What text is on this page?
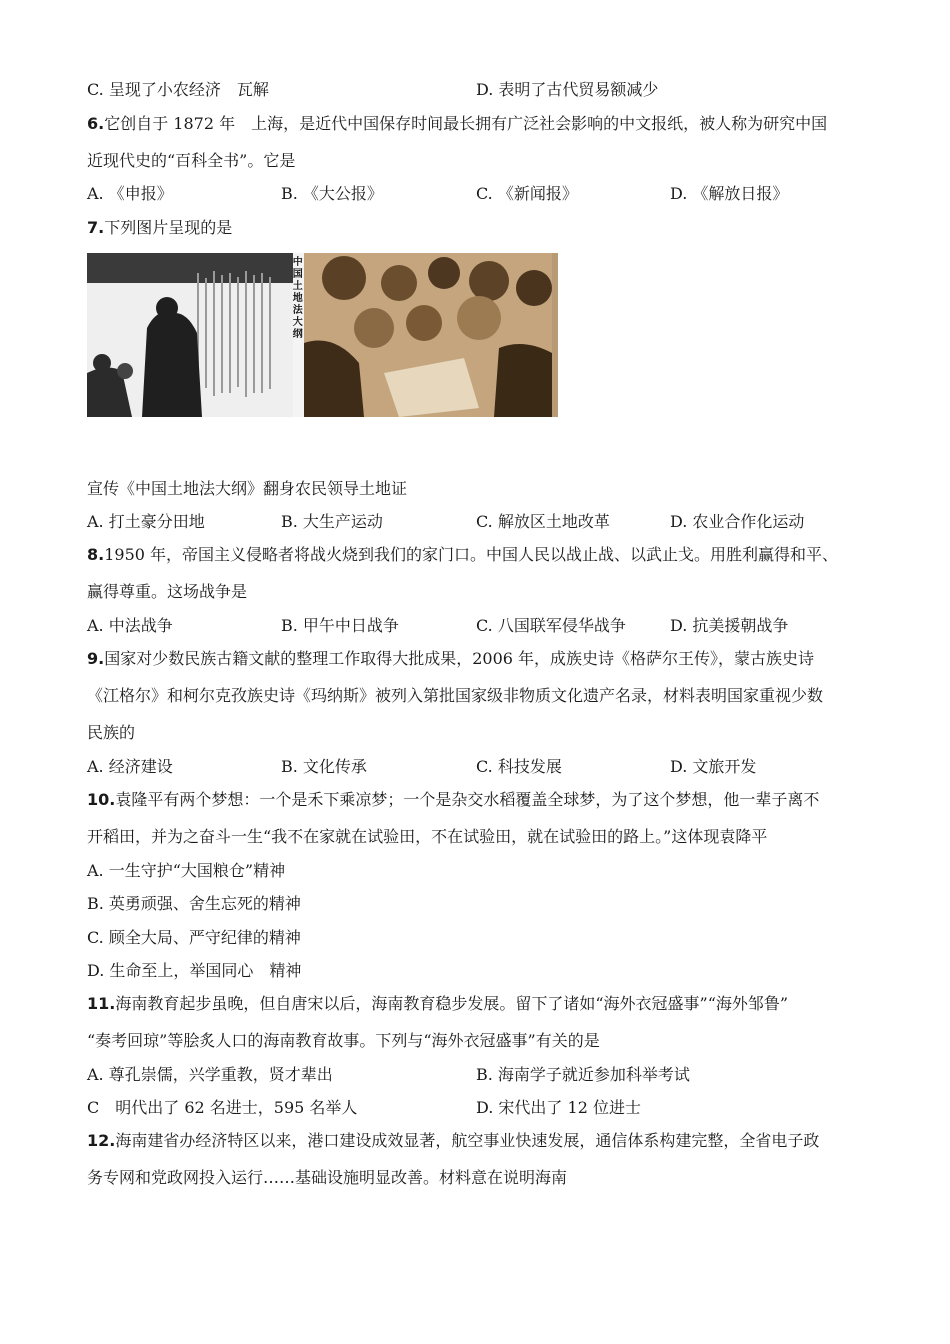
C. 呈现了小农经济　瓦解	D. 表明了古代贸易额减少
6.它创自于 1872 年　上海，是近代中国保存时间最长拥有广泛社会影响的中文报纸，被人称为研究中国
近现代史的“百科全书”。它是
A. 《申报》	B. 《大公报》	C. 《新闻报》	D. 《解放日报》
7.下列图片呈现的是
中国土地法大纲
宣传《中国土地法大纲》翻身农民领导土地证
A. 打土豪分田地	B. 大生产运动	C. 解放区土地改革	D. 农业合作化运动
8.1950 年，帝国主义侵略者将战火烧到我们的家门口。中国人民以战止战、以武止戈。用胜利赢得和平、
赢得尊重。这场战争是
A. 中法战争	B. 甲午中日战争	C. 八国联军侵华战争	D. 抗美援朝战争
9.国家对少数民族古籍文献的整理工作取得大批成果，2006 年，成族史诗《格萨尔王传》，蒙古族史诗
《江格尔》和柯尔克孜族史诗《玛纳斯》被列入第批国家级非物质文化遗产名录，材料表明国家重视少数
民族的
A. 经济建设	B. 文化传承	C. 科技发展	D. 文旅开发
10.袁隆平有两个梦想：一个是禾下乘凉梦；一个是杂交水稻覆盖全球梦，为了这个梦想，他一辈子离不
开稻田，并为之奋斗一生“我不在家就在试验田，不在试验田，就在试验田的路上。”这体现袁降平
A. 一生守护“大国粮仓”精神
B. 英勇顽强、舍生忘死的精神
C. 顾全大局、严守纪律的精神
D. 生命至上，举国同心　精神
11.海南教育起步虽晚，但自唐宋以后，海南教育稳步发展。留下了诸如“海外衣冠盛事”“海外邹鲁”
“奏考回琼”等脍炙人口的海南教育故事。下列与“海外衣冠盛事”有关的是
A. 尊孔崇儒，兴学重教，贤才辈出	B. 海南学子就近参加科举考试
C　明代出了 62 名进士，595 名举人	D. 宋代出了 12 位进士
12.海南建省办经济特区以来，港口建设成效显著，航空事业快速发展，通信体系构建完整，全省电子政
务专网和党政网投入运行……基础设施明显改善。材料意在说明海南
